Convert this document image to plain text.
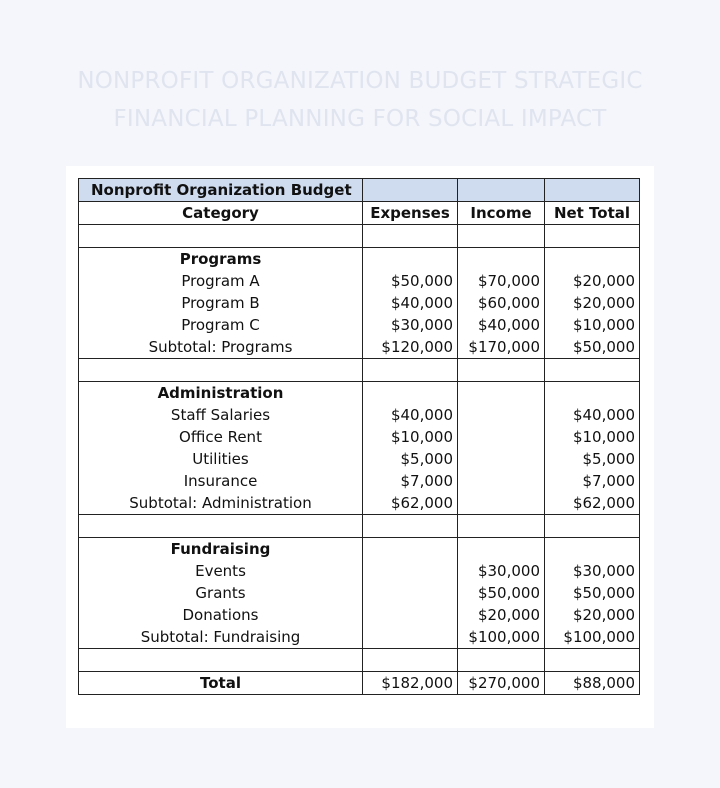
NONPROFIT ORGANIZATION BUDGET STRATEGIC
FINANCIAL PLANNING FOR SOCIAL IMPACT
Nonprofit Organization Budget			
Category	Expenses	Income	Net Total

Programs			
Program A	$50,000	$70,000	$20,000
Program B	$40,000	$60,000	$20,000
Program C	$30,000	$40,000	$10,000
Subtotal: Programs	$120,000	$170,000	$50,000

Administration			
Staff Salaries	$40,000		$40,000
Office Rent	$10,000		$10,000
Utilities	$5,000		$5,000
Insurance	$7,000		$7,000
Subtotal: Administration	$62,000		$62,000

Fundraising			
Events		$30,000	$30,000
Grants		$50,000	$50,000
Donations		$20,000	$20,000
Subtotal: Fundraising		$100,000	$100,000

Total	$182,000	$270,000	$88,000
